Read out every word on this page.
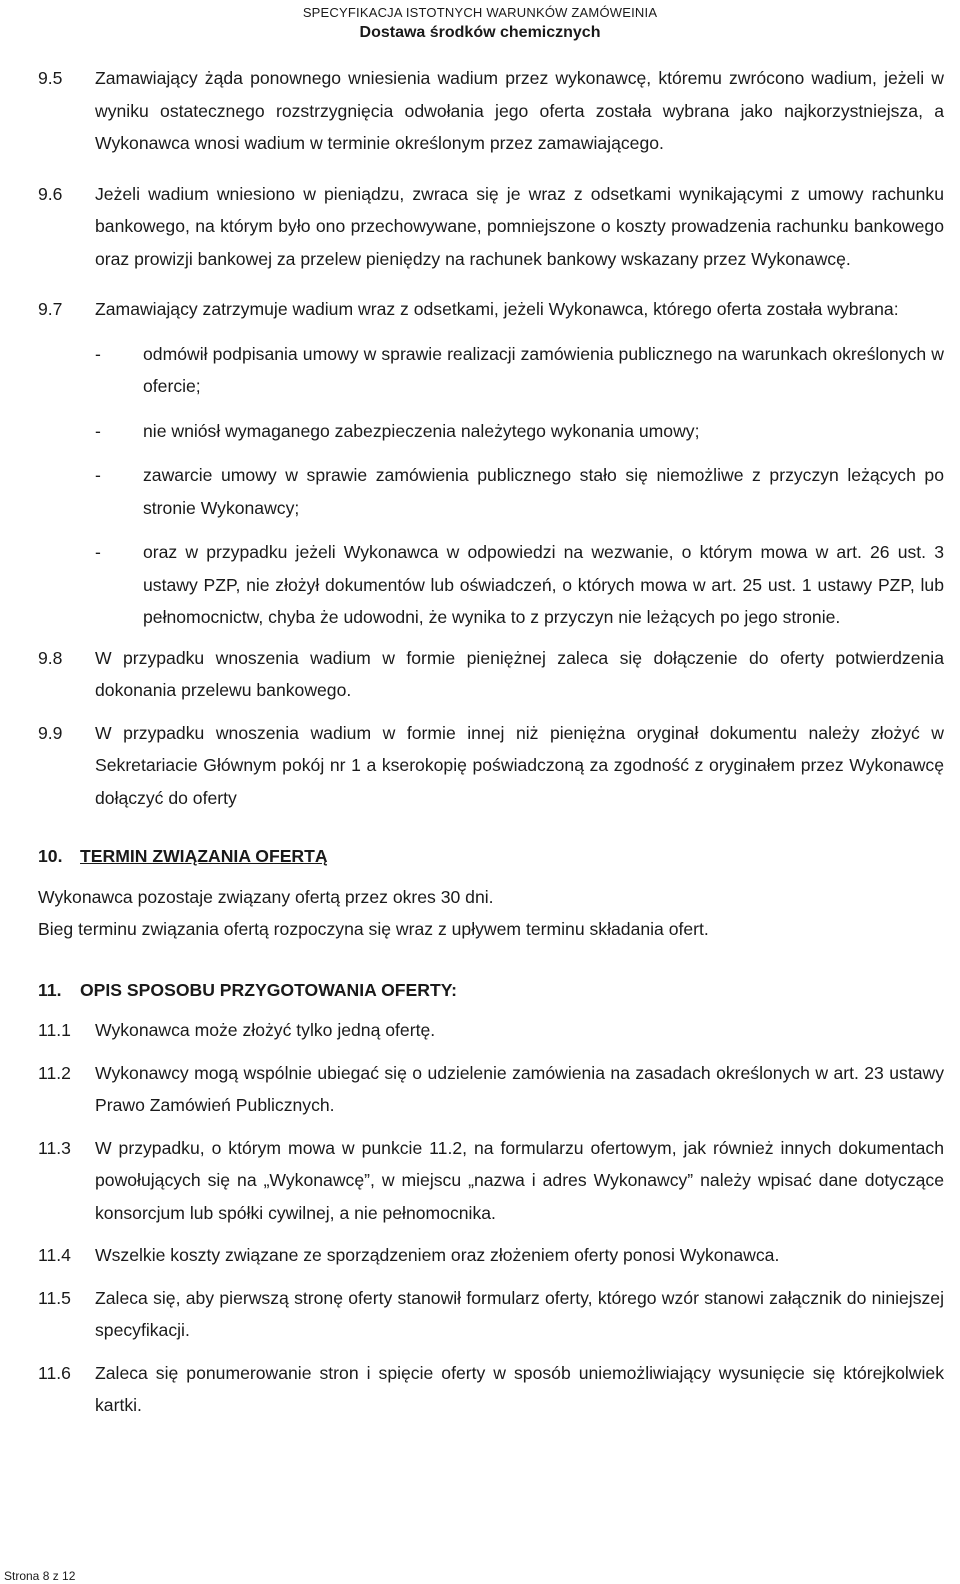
SPECYFIKACJA ISTOTNYCH WARUNKÓW ZAMÓWEINIA
Dostawa środków chemicznych
9.5	Zamawiający żąda ponownego wniesienia wadium przez wykonawcę, któremu zwrócono wadium, jeżeli w wyniku ostatecznego rozstrzygnięcia odwołania jego oferta została wybrana jako najkorzystniejsza, a Wykonawca wnosi wadium w terminie określonym przez zamawiającego.
9.6	Jeżeli wadium wniesiono w pieniądzu, zwraca się je wraz z odsetkami wynikającymi z umowy rachunku bankowego, na którym było ono przechowywane, pomniejszone o koszty prowadzenia rachunku bankowego oraz prowizji bankowej za przelew pieniędzy na rachunek bankowy wskazany przez Wykonawcę.
9.7	Zamawiający zatrzymuje wadium wraz z odsetkami, jeżeli Wykonawca, którego oferta została wybrana:
-	odmówił podpisania umowy w sprawie realizacji zamówienia publicznego na warunkach określonych w ofercie;
-	nie wniósł wymaganego zabezpieczenia należytego wykonania umowy;
-	zawarcie umowy w sprawie zamówienia publicznego stało się niemożliwe z przyczyn leżących po stronie Wykonawcy;
-	oraz w przypadku jeżeli Wykonawca w odpowiedzi na wezwanie, o którym mowa w art. 26 ust. 3 ustawy PZP, nie złożył dokumentów lub oświadczeń, o których mowa w art. 25 ust. 1 ustawy PZP, lub pełnomocnictw, chyba że udowodni, że wynika to z przyczyn nie leżących po jego stronie.
9.8	W przypadku wnoszenia wadium w formie pieniężnej zaleca się dołączenie do oferty potwierdzenia dokonania przelewu bankowego.
9.9	W przypadku wnoszenia wadium w formie innej niż pieniężna oryginał dokumentu należy złożyć w Sekretariacie Głównym pokój nr 1 a kserokopię poświadczoną za zgodność z oryginałem przez Wykonawcę dołączyć do oferty
10. TERMIN ZWIĄZANIA OFERTĄ
Wykonawca pozostaje związany ofertą przez okres 30 dni.
Bieg terminu związania ofertą rozpoczyna się wraz z upływem terminu składania ofert.
11.	OPIS SPOSOBU PRZYGOTOWANIA OFERTY:
11.1	Wykonawca może złożyć tylko jedną ofertę.
11.2	Wykonawcy mogą wspólnie ubiegać się o udzielenie zamówienia na zasadach określonych w art. 23 ustawy Prawo Zamówień Publicznych.
11.3	W przypadku, o którym mowa w punkcie 11.2, na formularzu ofertowym, jak również innych dokumentach powołujących się na „Wykonawcę”, w miejscu „nazwa i adres Wykonawcy” należy wpisać dane dotyczące konsorcjum lub spółki cywilnej, a nie pełnomocnika.
11.4	Wszelkie koszty związane ze sporządzeniem oraz złożeniem oferty ponosi Wykonawca.
11.5	Zaleca się, aby pierwszą stronę oferty stanowił formularz oferty, którego wzór stanowi załącznik do niniejszej specyfikacji.
11.6	Zaleca się ponumerowanie stron i spięcie oferty w sposób uniemożliwiający wysunięcie się którejkolwiek kartki.
Strona 8 z 12
